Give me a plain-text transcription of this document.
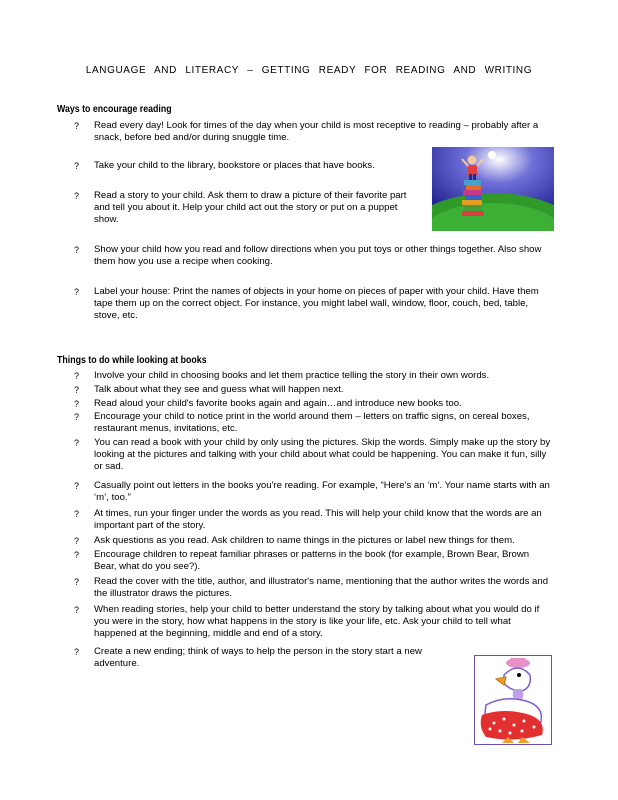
LANGUAGE AND LITERACY – GETTING READY FOR READING AND WRITING
Ways to encourage reading
?	Read every day! Look for times of the day when your child is most receptive to reading – probably after a snack, before bed and/or during snuggle time.
?	Take your child to the library, bookstore or places that have books.
?	Read a story to your child. Ask them to draw a picture of their favorite part and tell you about it. Help your child act out the story or put on a puppet show.
?	Show your child how you read and follow directions when you put toys or other things together. Also show them how you use a recipe when cooking.
?	Label your house: Print the names of objects in your home on pieces of paper with your child. Have them tape them up on the correct object. For instance, you might label wall, window, floor, couch, bed, table, stove, etc.
Things to do while looking at books
?	Involve your child in choosing books and let them practice telling the story in their own words.
?	Talk about what they see and guess what will happen next.
?	Read aloud your child's favorite books again and again…and introduce new books too.
?	Encourage your child to notice print in the world around them – letters on traffic signs, on cereal boxes, restaurant menus, invitations, etc.
?	You can read a book with your child by only using the pictures. Skip the words. Simply make up the story by looking at the pictures and talking with your child about what could be happening. You can make it fun, silly or sad.
?	Casually point out letters in the books you're reading. For example, “Here's an ‘m’. Your name starts with an ‘m’, too.”
?	At times, run your finger under the words as you read. This will help your child know that the words are an important part of the story.
?	Ask questions as you read. Ask children to name things in the pictures or label new things for them.
?	Encourage children to repeat familiar phrases or patterns in the book (for example, Brown Bear, Brown Bear, what do you see?).
?	Read the cover with the title, author, and illustrator's name, mentioning that the author writes the words and the illustrator draws the pictures.
?	When reading stories, help your child to better understand the story by talking about what you would do if you were in the story, how what happens in the story is like your life, etc. Ask your child to tell what happened at the beginning, middle and end of a story.
?	Create a new ending; think of ways to help the person in the story start a new adventure.
